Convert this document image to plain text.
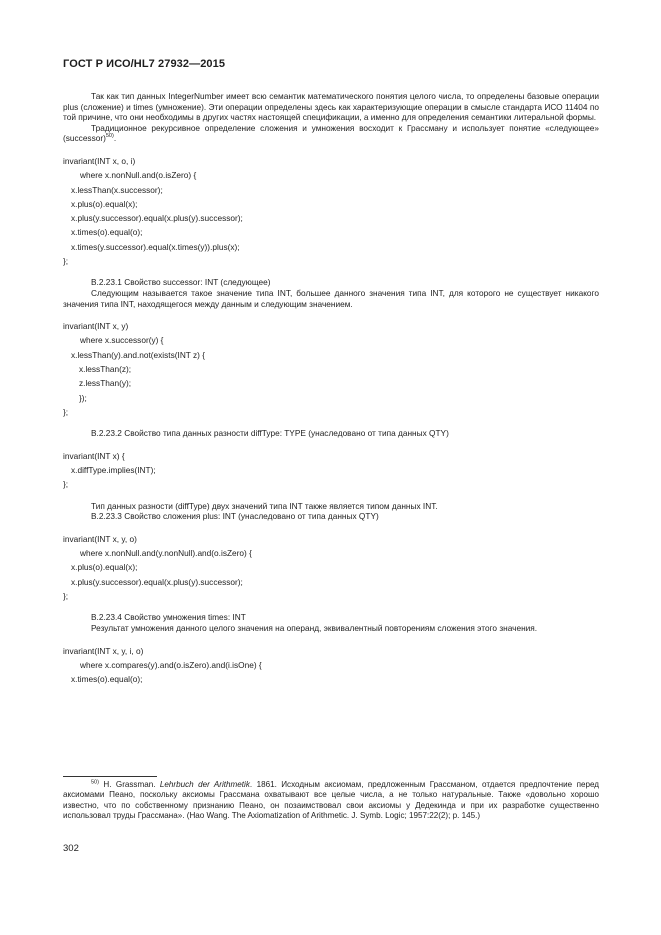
ГОСТ Р ИСО/HL7 27932—2015

Так как тип данных IntegerNumber имеет всю семантик математического понятия целого числа, то определены базовые операции plus (сложение) и times (умножение). Эти операции определены здесь как характеризующие операции в смысле стандарта ИСО 11404 по той причине, что они необходимы в других частях настоящей спецификации, а именно для определения семантики литеральной формы.

Традиционное рекурсивное определение сложения и умножения восходит к Грассману и использует понятие «следующее» (successor)$^{50)}$.

invariant(INT x, o, i)
where x.nonNull.and(o.isZero) {
x.lessThan(x.successor);
x.plus(o).equal(x);
x.plus(y.successor).equal(x.plus(y).successor);
x.times(o).equal(o);
x.times(y.successor).equal(x.times(y)).plus(x);
};

B.2.23.1 Свойство successor: INT (следующее)

Следующим называется такое значение типа INT, большее данного значения типа INT, для которого не существует никакого значения типа INT, находящегося между данным и следующим значением.

invariant(INT x, y)
where x.successor(y) {
x.lessThan(y).and.not(exists(INT z) {
x.lessThan(z);
z.lessThan(y);
});
};

B.2.23.2 Свойство типа данных разности diffType: TYPE (унаследовано от типа данных QTY)

invariant(INT x) {
x.diffType.implies(INT);
};

Тип данных разности (diffType) двух значений типа INT также является типом данных INT.

B.2.23.3 Свойство сложения plus: INT (унаследовано от типа данных QTY)

invariant(INT x, y, o)
where x.nonNull.and(y.nonNull).and(o.isZero) {
x.plus(o).equal(x);
x.plus(y.successor).equal(x.plus(y).successor);
};

B.2.23.4 Свойство умножения times: INT

Результат умножения данного целого значения на операнд, эквивалентный повторениям сложения этого значения.

invariant(INT x, y, i, o)
where x.compares(y).and(o.isZero).and(i.isOne) {
x.times(o).equal(o);

$^{50)}$ H. Grassman. Lehrbuch der Arithmetik. 1861. Исходным аксиомам, предложенным Грассманом, отдается предпочтение перед аксиомами Пеано, поскольку аксиомы Грассмана охватывают все целые числа, а не только натуральные. Также «довольно хорошо известно, что по собственному признанию Пеано, он позаимствовал свои аксиомы у Дедекинда и при их разработке существенно использовал труды Грассмана». (Hao Wang. The Axiomatization of Arithmetic. J. Symb. Logic; 1957:22(2); p. 145.)

302
